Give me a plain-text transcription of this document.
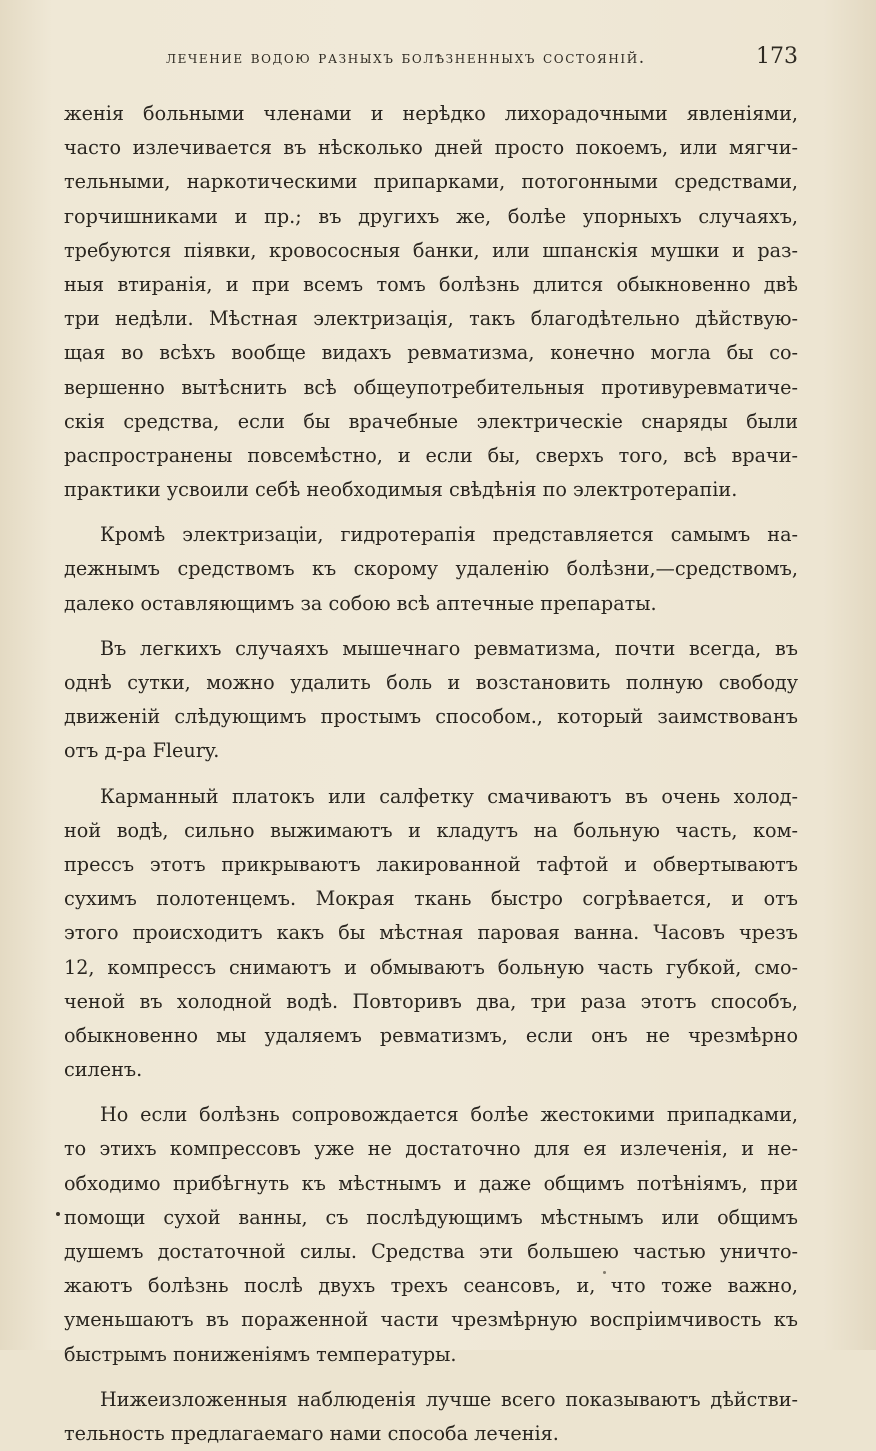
лечение водою разныхъ болѣзненныхъ состояній.	173
женія больными членами и нерѣдко лихорадочными явленіями,
часто излечивается въ нѣсколько дней просто покоемъ, или мягчи-
тельными, наркотическими припарками, потогонными средствами,
горчишниками и пр.; въ другихъ же, болѣе упорныхъ случаяхъ,
требуются піявки, кровососныя банки, или шпанскія мушки и раз-
ныя втиранія, и при всемъ томъ болѣзнь длится обыкновенно двѣ
три недѣли. Мѣстная электризація, такъ благодѣтельно дѣйствую-
щая во всѣхъ вообще видахъ ревматизма, конечно могла бы со-
вершенно вытѣснить всѣ общеупотребительныя противуревматиче-
скія средства, если бы врачебные электрическіе снаряды были
распространены повсемѣстно, и если бы, сверхъ того, всѣ врачи-
практики усвоили себѣ необходимыя свѣдѣнія по электротерапіи.
Кромѣ электризаціи, гидротерапія представляется самымъ на-
дежнымъ средствомъ къ скорому удаленію болѣзни,—средствомъ,
далеко оставляющимъ за собою всѣ аптечные препараты.
Въ легкихъ случаяхъ мышечнаго ревматизма, почти всегда, въ
однѣ сутки, можно удалить боль и возстановить полную свободу
движеній слѣдующимъ простымъ способом., который заимствованъ
отъ д-ра Fleury.
Карманный платокъ или салфетку смачиваютъ въ очень холод-
ной водѣ, сильно выжимаютъ и кладутъ на больную часть, ком-
прессъ этотъ прикрываютъ лакированной тафтой и обвертываютъ
сухимъ полотенцемъ. Мокрая ткань быстро согрѣвается, и отъ
этого происходитъ какъ бы мѣстная паровая ванна. Часовъ чрезъ
12, компрессъ снимаютъ и обмываютъ больную часть губкой, смо-
ченой въ холодной водѣ. Повторивъ два, три раза этотъ способъ,
обыкновенно мы удаляемъ ревматизмъ, если онъ не чрезмѣрно
силенъ.
Но если болѣзнь сопровождается болѣе жестокими припадками,
то этихъ компрессовъ уже не достаточно для ея излеченія, и не-
обходимо прибѣгнуть къ мѣстнымъ и даже общимъ потѣніямъ, при
помощи сухой ванны, съ послѣдующимъ мѣстнымъ или общимъ
душемъ достаточной силы. Средства эти большею частью уничто-
жаютъ болѣзнь послѣ двухъ трехъ сеансовъ, и, что тоже важно,
уменьшаютъ въ пораженной части чрезмѣрную воспріимчивость къ
быстрымъ пониженіямъ температуры.
Нижеизложенныя наблюденія лучше всего показываютъ дѣйстви-
тельность предлагаемаго нами способа леченія.
